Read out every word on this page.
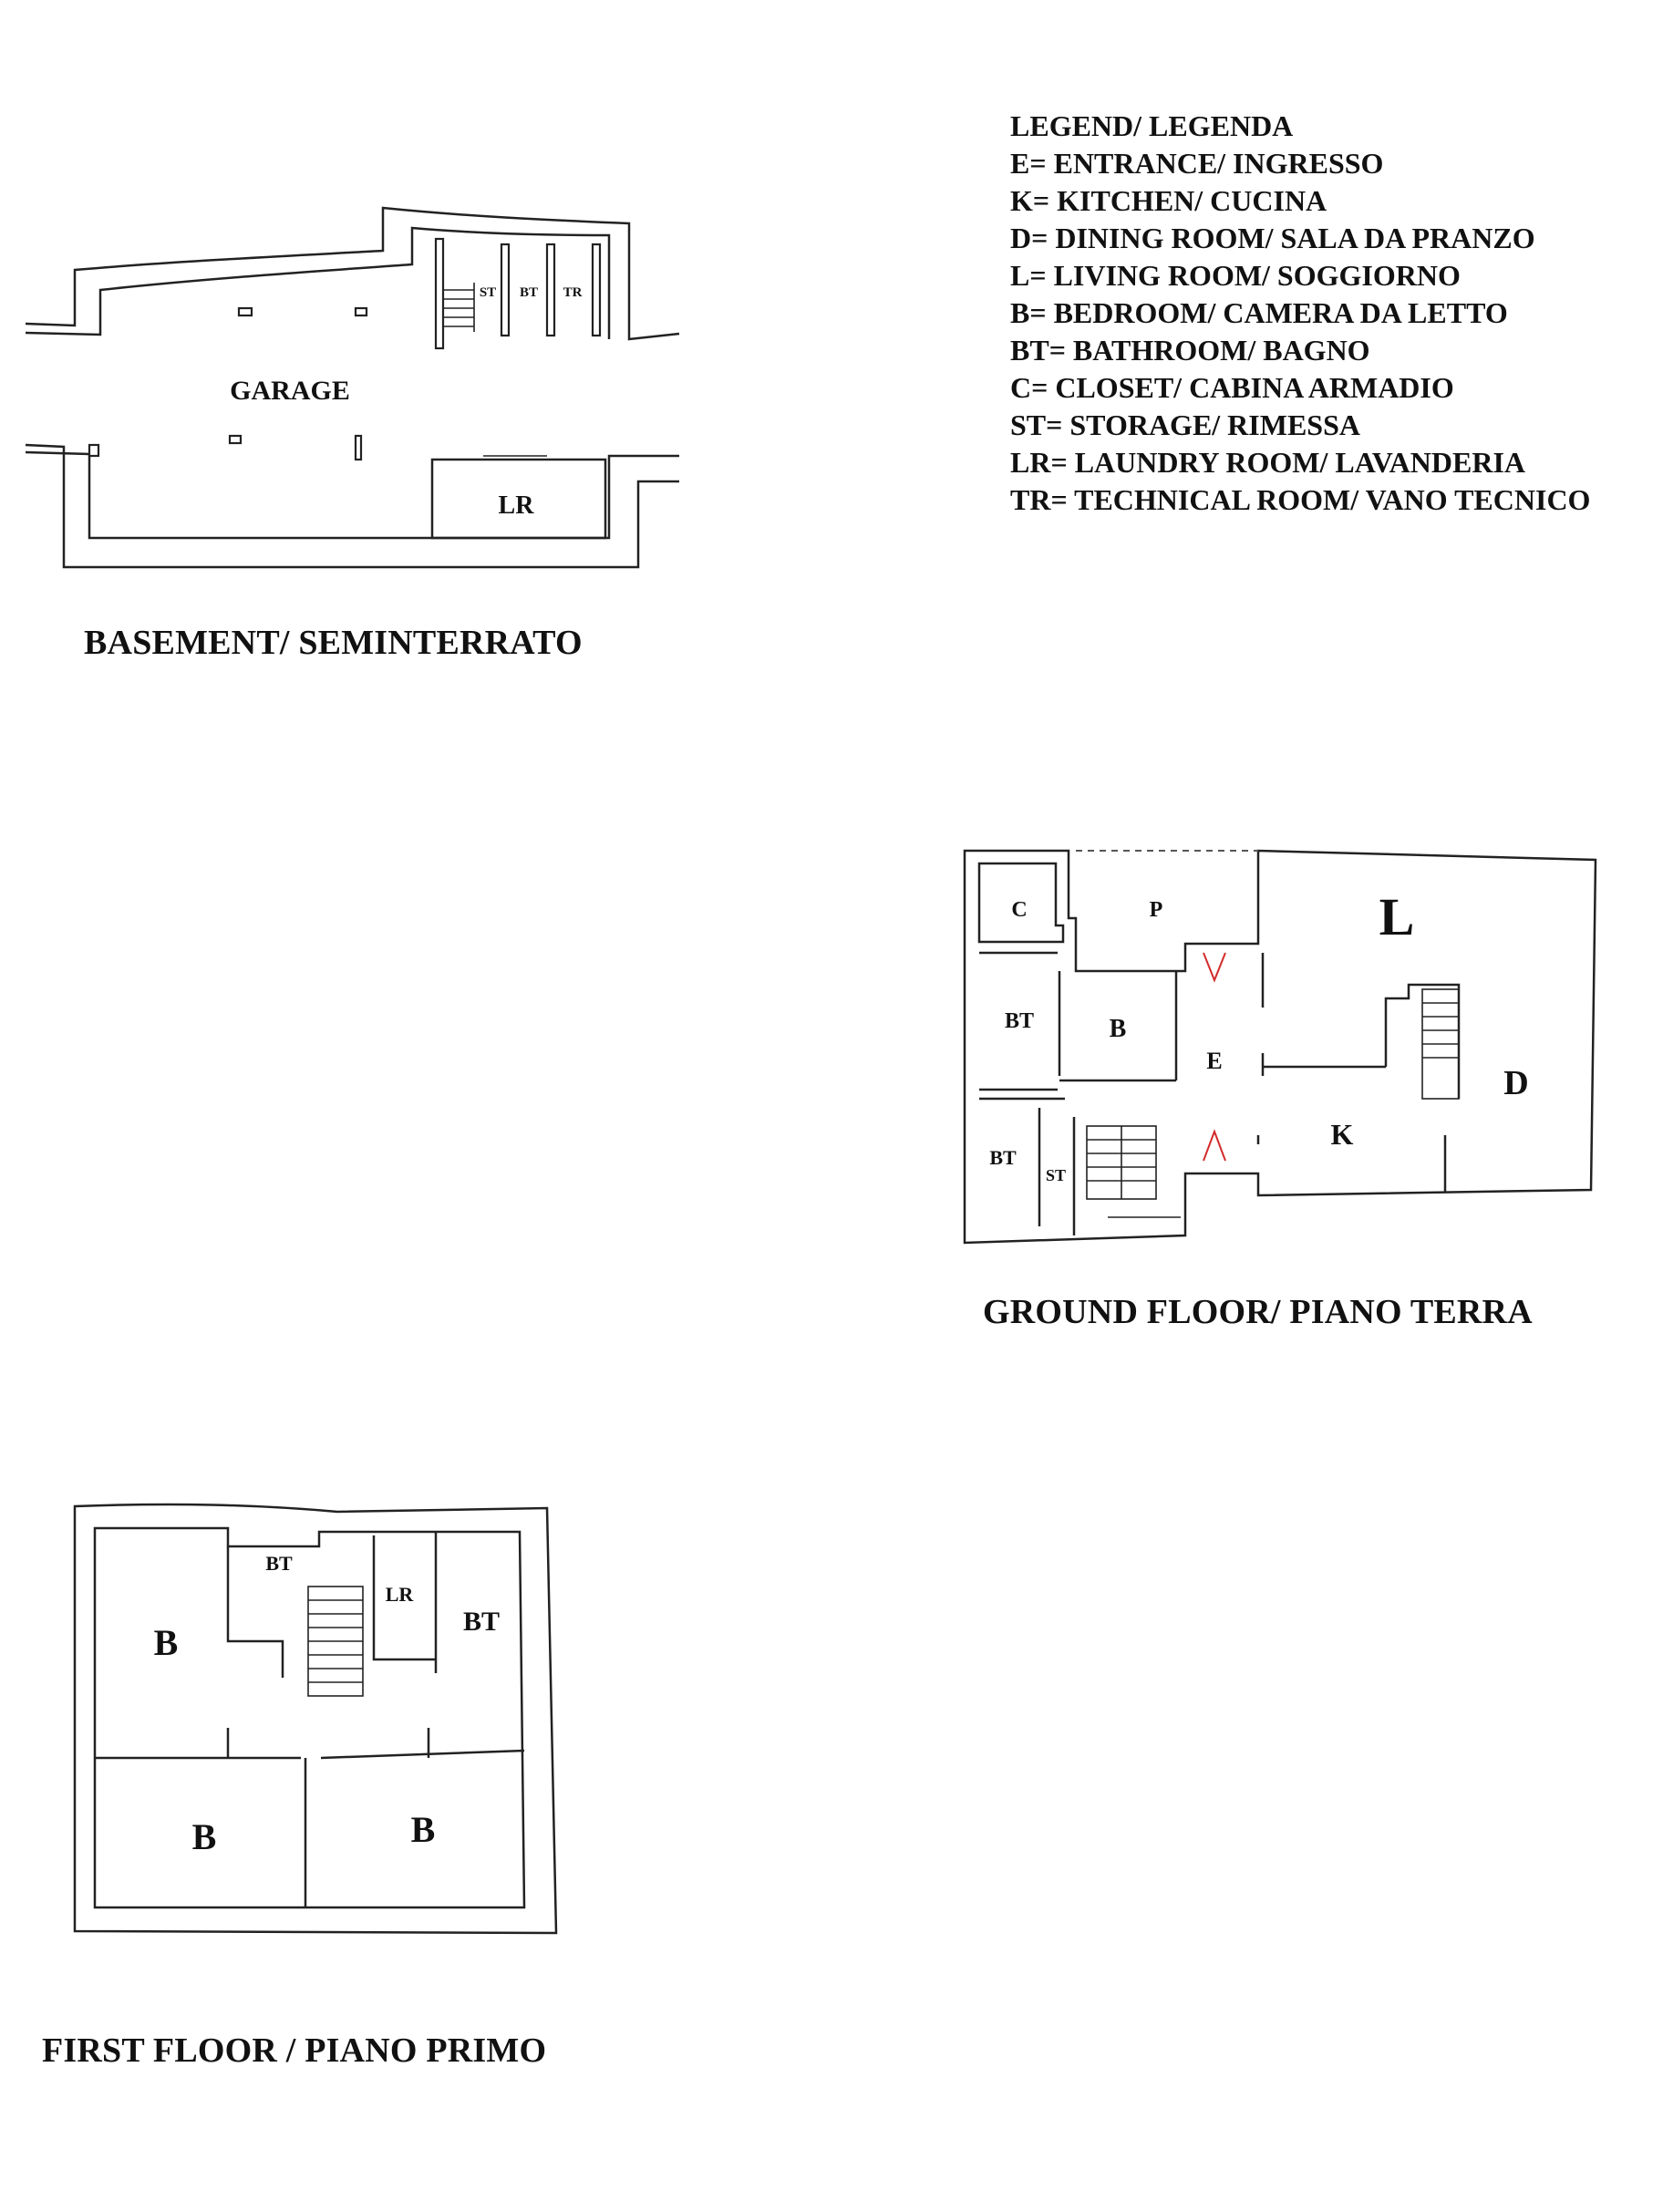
LEGEND/ LEGENDA
E= ENTRANCE/ INGRESSO
K= KITCHEN/ CUCINA
D= DINING ROOM/ SALA DA PRANZO
L= LIVING ROOM/ SOGGIORNO
B= BEDROOM/ CAMERA DA LETTO
BT= BATHROOM/ BAGNO
C= CLOSET/ CABINA ARMADIO
ST= STORAGE/ RIMESSA
LR= LAUNDRY ROOM/ LAVANDERIA
TR= TECHNICAL ROOM/ VANO TECNICO
GARAGE
ST BT TR
LR
BASEMENT/ SEMINTERRATO
C	P	L
BT	B
E
D
K
BT
ST
GROUND FLOOR/ PIANO TERRA
BT
LR
BT
B
B	B
FIRST FLOOR / PIANO PRIMO
